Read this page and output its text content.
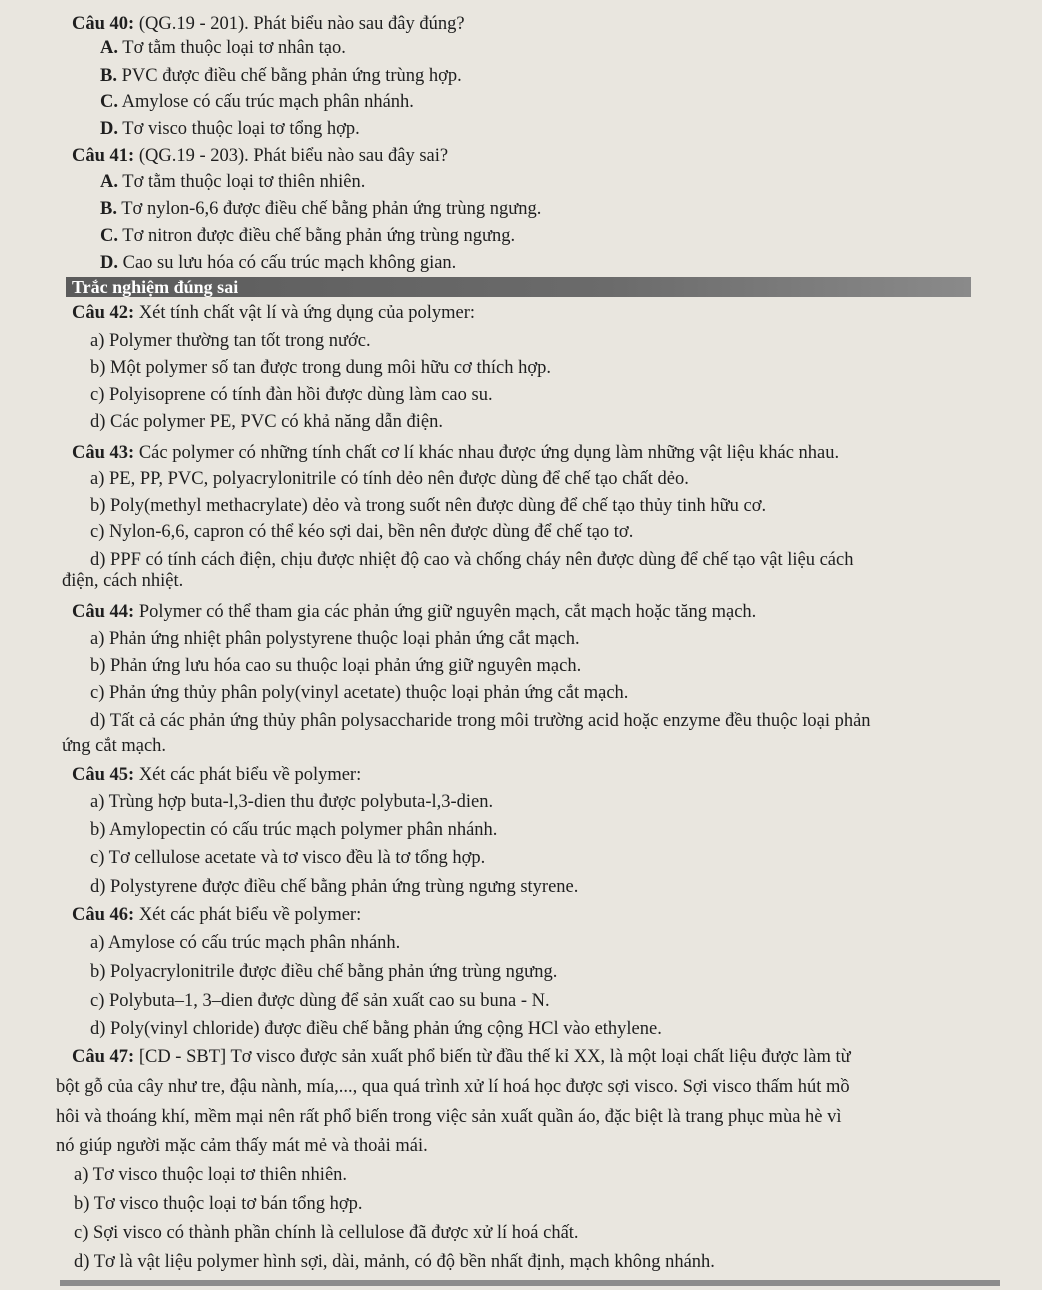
Trắc nghiệm đúng sai
Câu 40: (QG.19 - 201). Phát biểu nào sau đây đúng?
A. Tơ tằm thuộc loại tơ nhân tạo.
B. PVC được điều chế bằng phản ứng trùng hợp.
C. Amylose có cấu trúc mạch phân nhánh.
D. Tơ visco thuộc loại tơ tổng hợp.
Câu 41: (QG.19 - 203). Phát biểu nào sau đây sai?
A. Tơ tằm thuộc loại tơ thiên nhiên.
B. Tơ nylon-6,6 được điều chế bằng phản ứng trùng ngưng.
C. Tơ nitron được điều chế bằng phản ứng trùng ngưng.
D. Cao su lưu hóa có cấu trúc mạch không gian.
Câu 42: Xét tính chất vật lí và ứng dụng của polymer:
a) Polymer thường tan tốt trong nước.
b) Một polymer số tan được trong dung môi hữu cơ thích hợp.
c) Polyisoprene có tính đàn hồi được dùng làm cao su.
d) Các polymer PE, PVC có khả năng dẫn điện.
Câu 43: Các polymer có những tính chất cơ lí khác nhau được ứng dụng làm những vật liệu khác nhau.
a) PE, PP, PVC, polyacrylonitrile có tính dẻo nên được dùng để chế tạo chất dẻo.
b) Poly(methyl methacrylate) dẻo và trong suốt nên được dùng để chế tạo thủy tinh hữu cơ.
c) Nylon-6,6, capron có thể kéo sợi dai, bền nên được dùng để chế tạo tơ.
d) PPF có tính cách điện, chịu được nhiệt độ cao và chống cháy nên được dùng để chế tạo vật liệu cách
điện, cách nhiệt.
Câu 44: Polymer có thể tham gia các phản ứng giữ nguyên mạch, cắt mạch hoặc tăng mạch.
a) Phản ứng nhiệt phân polystyrene thuộc loại phản ứng cắt mạch.
b) Phản ứng lưu hóa cao su thuộc loại phản ứng giữ nguyên mạch.
c) Phản ứng thủy phân poly(vinyl acetate) thuộc loại phản ứng cắt mạch.
d) Tất cả các phản ứng thủy phân polysaccharide trong môi trường acid hoặc enzyme đều thuộc loại phản
ứng cắt mạch.
Câu 45: Xét các phát biểu về polymer:
a) Trùng hợp buta-l,3-dien thu được polybuta-l,3-dien.
b) Amylopectin có cấu trúc mạch polymer phân nhánh.
c) Tơ cellulose acetate và tơ visco đều là tơ tổng hợp.
d) Polystyrene được điều chế bằng phản ứng trùng ngưng styrene.
Câu 46: Xét các phát biểu về polymer:
a) Amylose có cấu trúc mạch phân nhánh.
b) Polyacrylonitrile được điều chế bằng phản ứng trùng ngưng.
c) Polybuta–1, 3–dien được dùng để sản xuất cao su buna - N.
d) Poly(vinyl chloride) được điều chế bằng phản ứng cộng HCl vào ethylene.
Câu 47: [CD - SBT] Tơ visco được sản xuất phổ biến từ đầu thế kỉ XX, là một loại chất liệu được làm từ
bột gỗ của cây như tre, đậu nành, mía,..., qua quá trình xử lí hoá học được sợi visco. Sợi visco thấm hút mồ
hôi và thoáng khí, mềm mại nên rất phổ biến trong việc sản xuất quần áo, đặc biệt là trang phục mùa hè vì
nó giúp người mặc cảm thấy mát mẻ và thoải mái.
a) Tơ visco thuộc loại tơ thiên nhiên.
b) Tơ visco thuộc loại tơ bán tổng hợp.
c) Sợi visco có thành phần chính là cellulose đã được xử lí hoá chất.
d) Tơ là vật liệu polymer hình sợi, dài, mảnh, có độ bền nhất định, mạch không nhánh.
